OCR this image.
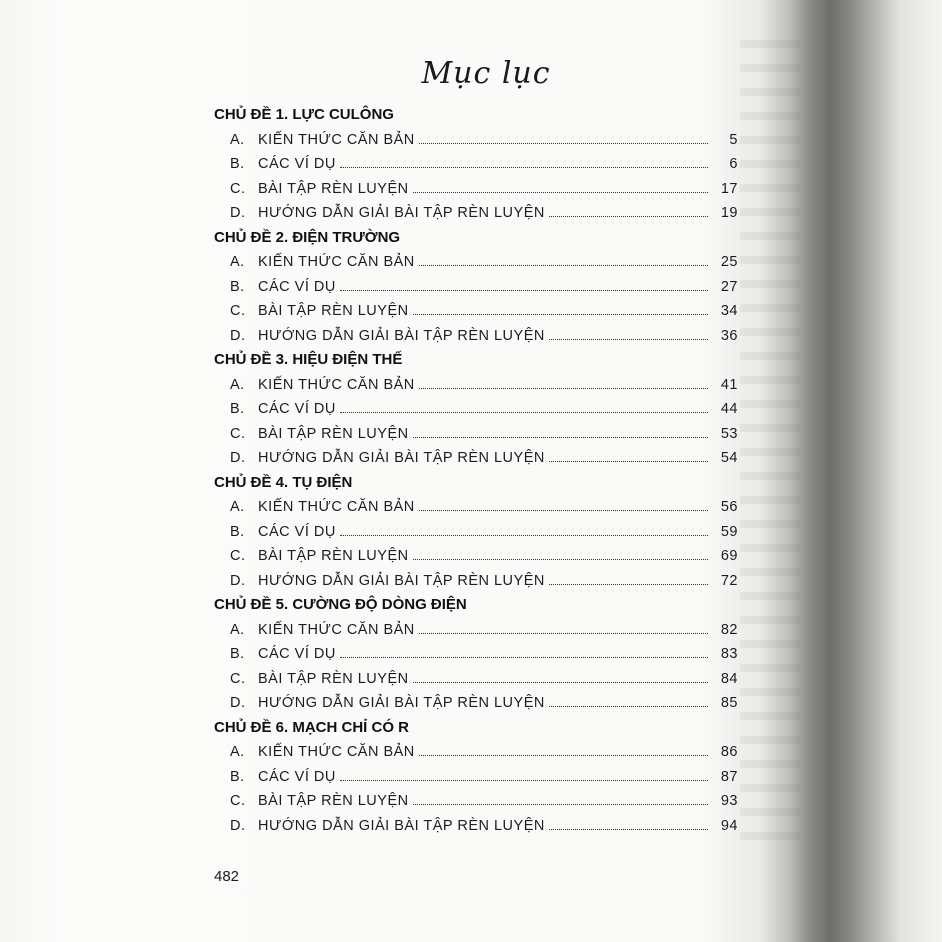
Mục lục
CHỦ ĐỀ 1. LỰC CULÔNG
A. KIẾN THỨC CĂN BẢN	5
B. CÁC VÍ DỤ	6
C. BÀI TẬP RÈN LUYỆN	17
D. HƯỚNG DẪN GIẢI BÀI TẬP RÈN LUYỆN	19
CHỦ ĐỀ 2. ĐIỆN TRƯỜNG
A. KIẾN THỨC CĂN BẢN	25
B. CÁC VÍ DỤ	27
C. BÀI TẬP RÈN LUYỆN	34
D. HƯỚNG DẪN GIẢI BÀI TẬP RÈN LUYỆN	36
CHỦ ĐỀ 3. HIỆU ĐIỆN THẾ
A. KIẾN THỨC CĂN BẢN	41
B. CÁC VÍ DỤ	44
C. BÀI TẬP RÈN LUYỆN	53
D. HƯỚNG DẪN GIẢI BÀI TẬP RÈN LUYỆN	54
CHỦ ĐỀ 4. TỤ ĐIỆN
A. KIẾN THỨC CĂN BẢN	56
B. CÁC VÍ DỤ	59
C. BÀI TẬP RÈN LUYỆN	69
D. HƯỚNG DẪN GIẢI BÀI TẬP RÈN LUYỆN	72
CHỦ ĐỀ 5. CƯỜNG ĐỘ DÒNG ĐIỆN
A. KIẾN THỨC CĂN BẢN	82
B. CÁC VÍ DỤ	83
C. BÀI TẬP RÈN LUYỆN	84
D. HƯỚNG DẪN GIẢI BÀI TẬP RÈN LUYỆN	85
CHỦ ĐỀ 6. MẠCH CHỈ CÓ R
A. KIẾN THỨC CĂN BẢN	86
B. CÁC VÍ DỤ	87
C. BÀI TẬP RÈN LUYỆN	93
D. HƯỚNG DẪN GIẢI BÀI TẬP RÈN LUYỆN	94
482
